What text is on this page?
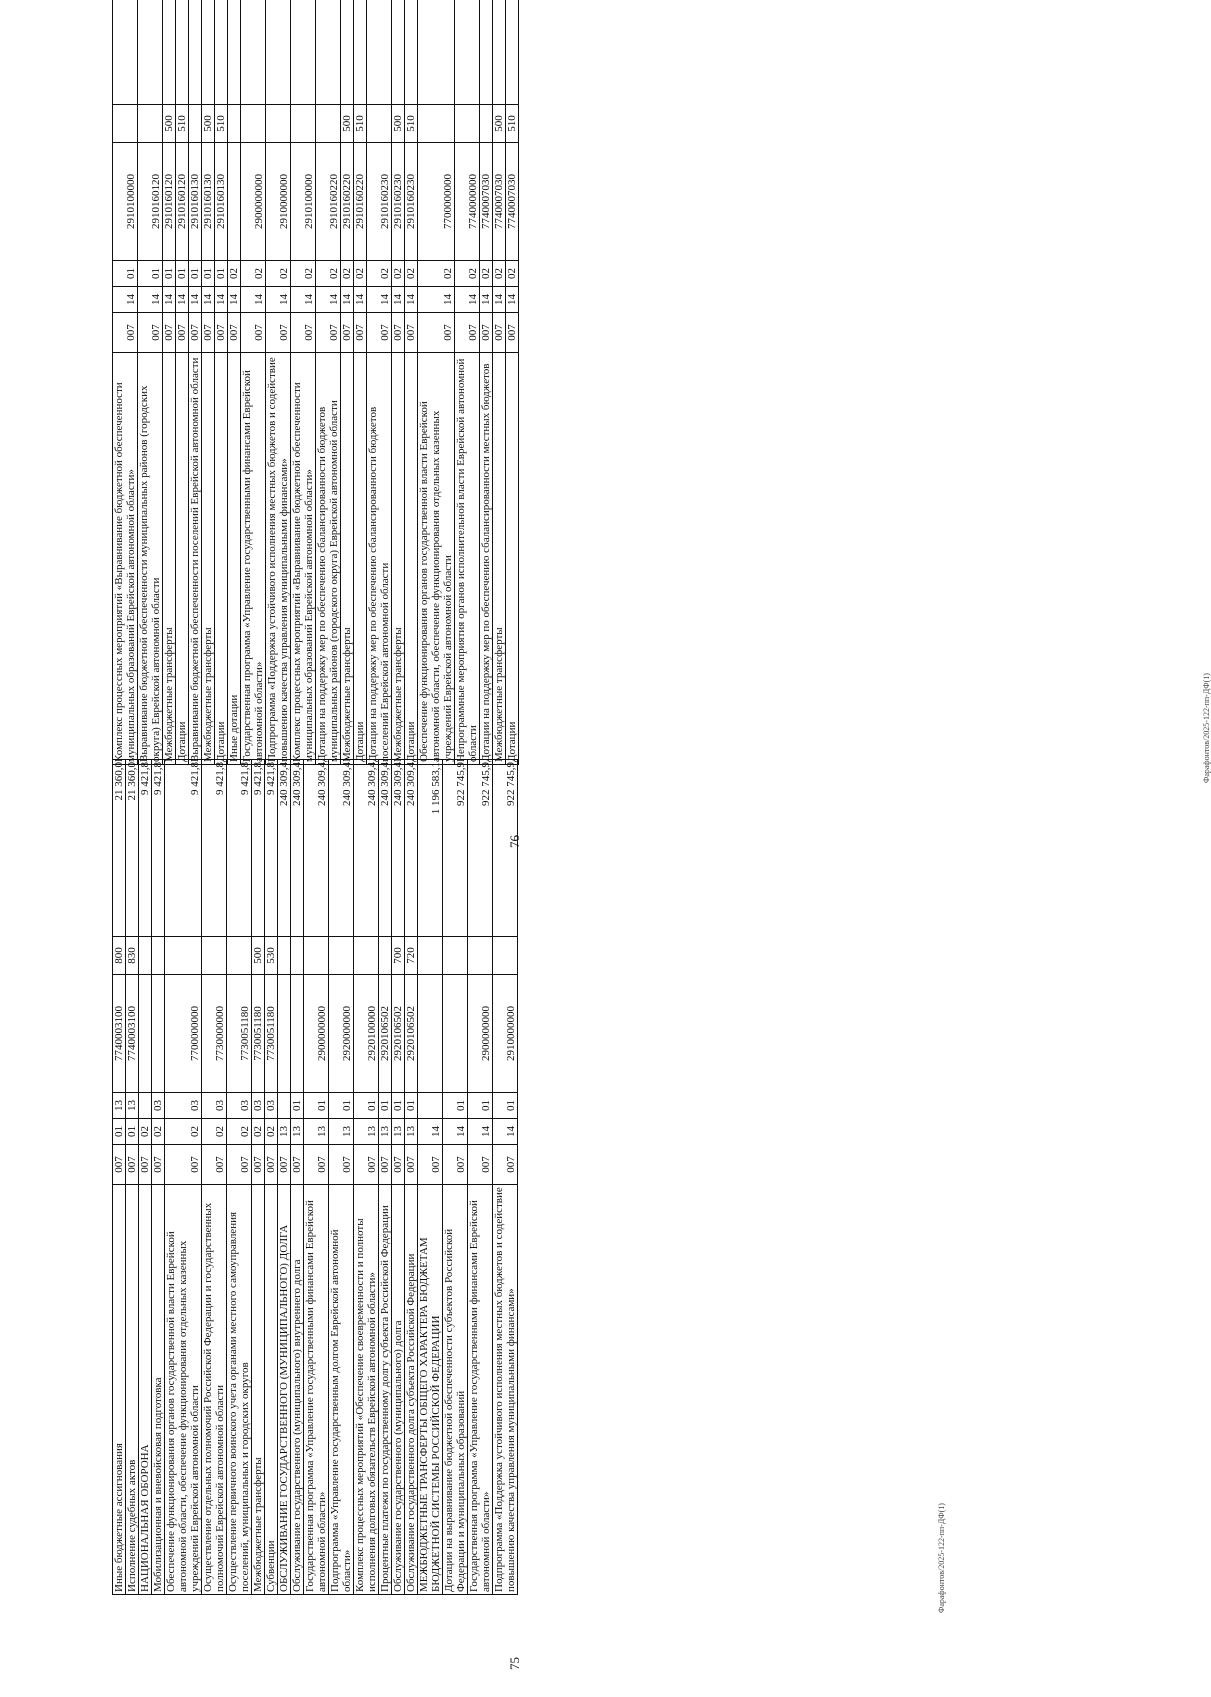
75
Иные бюджетные ассигнования	007	01	13	7740003100	800	21 360,0
Исполнение судебных актов	007	01	13	7740003100	830	21 360,0
НАЦИОНАЛЬНАЯ ОБОРОНА	007	02				9 421,8
Мобилизационная и вневойсковая подготовка	007	02	03			9 421,8
Обеспечение функционирования органов государственной власти Еврейской автономной области, обеспечение функционирования отдельных казенных учреждений Еврейской автономной области	007	02	03	7700000000		9 421,8
Осуществление отдельных полномочий Российской Федерации и государственных полномочий Еврейской автономной области	007	02	03	7730000000		9 421,8
Осуществление первичного воинского учета органами местного самоуправления поселений, муниципальных и городских округов	007	02	03	7730051180		9 421,8
Межбюджетные трансферты	007	02	03	7730051180	500	9 421,8
Субвенции	007	02	03	7730051180	530	9 421,8
ОБСЛУЖИВАНИЕ ГОСУДАРСТВЕННОГО (МУНИЦИПАЛЬНОГО) ДОЛГА	007	13				240 309,4
Обслуживание государственного (муниципального) внутреннего долга	007	13	01			240 309,4
Государственная программа «Управление государственными финансами Еврейской автономной области»	007	13	01	2900000000		240 309,4
Подпрограмма «Управление государственным долгом Еврейской автономной области»	007	13	01	2920000000		240 309,4
Комплекс процессных мероприятий «Обеспечение своевременности и полноты исполнения долговых обязательств Еврейской автономной области»	007	13	01	2920100000		240 309,4
Процентные платежи по государственному долгу субъекта Российской Федерации	007	13	01	2920106502		240 309,4
Обслуживание государственного (муниципального) долга	007	13	01	2920106502	700	240 309,4
Обслуживание государственного долга субъекта Российской Федерации	007	13	01	2920106502	720	240 309,4
МЕЖБЮДЖЕТНЫЕ ТРАНСФЕРТЫ ОБЩЕГО ХАРАКТЕРА БЮДЖЕТАМ БЮДЖЕТНОЙ СИСТЕМЫ РОССИЙСКОЙ ФЕДЕРАЦИИ	007	14				1 196 583,1
Дотации на выравнивание бюджетной обеспеченности субъектов Российской Федерации и муниципальных образований	007	14	01			922 745,9
Государственная программа «Управление государственными финансами Еврейской автономной области»	007	14	01	2900000000		922 745,9
Подпрограмма «Поддержка устойчивого исполнения местных бюджетов и содействие повышению качества управления муниципальными финансами»	007	14	01	2910000000		922 745,9
Фарафонтов/2025-122-пп-ДФ(1)
76
Комплекс процессных мероприятий «Выравнивание бюджетной обеспеченности муниципальных образований Еврейской автономной области»	007	14	01	2910100000		
Выравнивание бюджетной обеспеченности муниципальных районов (городских округа) Еврейской автономной области	007	14	01	2910160120		
Межбюджетные трансферты	007	14	01	2910160120	500	
Дотации	007	14	01	2910160120	510	
Выравнивание бюджетной обеспеченности поселений Еврейской автономной области	007	14	01	2910160130		
Межбюджетные трансферты	007	14	01	2910160130	500	
Дотации	007	14	01	2910160130	510	
Иные дотации	007	14	02			
Государственная программа «Управление государственными финансами Еврейской автономной области»	007	14	02	2900000000		
Подпрограмма «Поддержка устойчивого исполнения местных бюджетов и содействие повышению качества управления муниципальными финансами»	007	14	02	2910000000		
Комплекс процессных мероприятий «Выравнивание бюджетной обеспеченности муниципальных образований Еврейской автономной области»	007	14	02	2910100000		
Дотации на поддержку мер по обеспечению сбалансированности бюджетов муниципальных районов (городского округа) Еврейской автономной области	007	14	02	2910160220		
Межбюджетные трансферты	007	14	02	2910160220	500	
Дотации	007	14	02	2910160220	510	
Дотации на поддержку мер по обеспечению сбалансированности бюджетов поселений Еврейской автономной области	007	14	02	2910160230		
Межбюджетные трансферты	007	14	02	2910160230	500	
Дотации	007	14	02	2910160230	510	
Обеспечение функционирования органов государственной власти Еврейской автономной области, обеспечение функционирования отдельных казенных учреждений Еврейской автономной области	007	14	02	7700000000		
Непрограммные мероприятия органов исполнительной власти Еврейской автономной области	007	14	02	7740000000		
Дотации на поддержку мер по обеспечению сбалансированности местных бюджетов	007	14	02	7740007030		
Межбюджетные трансферты	007	14	02	7740007030	500	
Дотации	007	14	02	7740007030	510	
Фарафонтов/2025-122-пп-ДФ(1)
